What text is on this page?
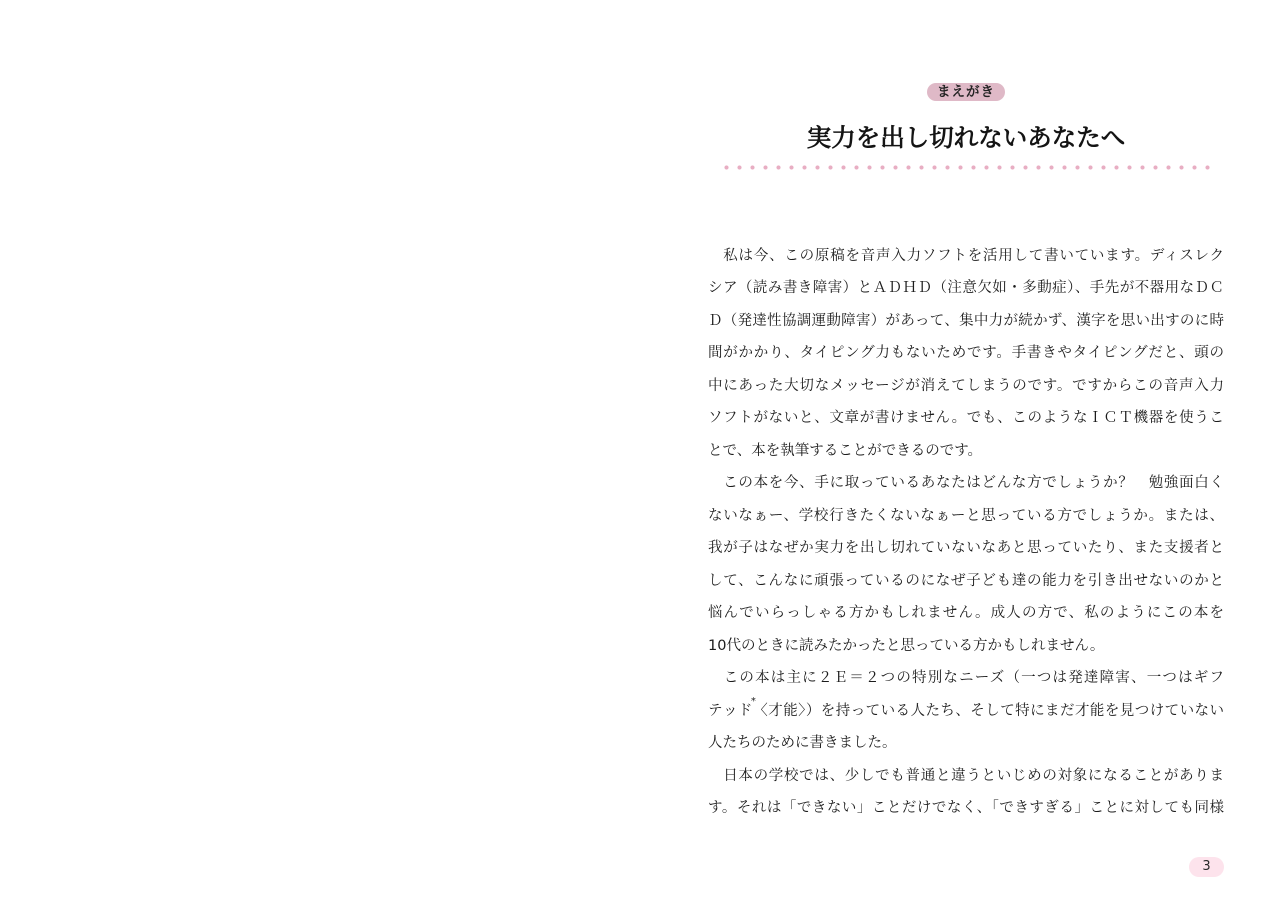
まえがき
実力を出し切れないあなたへ
　私は今、この原稿を音声入力ソフトを活用して書いています。ディスレク
シア（読み書き障害）とＡＤＨＤ（注意欠如・多動症）、手先が不器用なＤＣ
Ｄ（発達性協調運動障害）があって、集中力が続かず、漢字を思い出すのに時
間がかかり、タイピング力もないためです。手書きやタイピングだと、頭の
中にあった大切なメッセージが消えてしまうのです。ですからこの音声入力
ソフトがないと、文章が書けません。でも、このようなＩＣＴ機器を使うこ
とで、本を執筆することができるのです。
　この本を今、手に取っているあなたはどんな方でしょうか？　勉強面白く
ないなぁー、学校行きたくないなぁーと思っている方でしょうか。または、
我が子はなぜか実力を出し切れていないなあと思っていたり、また支援者と
して、こんなに頑張っているのになぜ子ども達の能力を引き出せないのかと
悩んでいらっしゃる方かもしれません。成人の方で、私のようにこの本を
10代のときに読みたかったと思っている方かもしれません。
　この本は主に２Ｅ＝２つの特別なニーズ（一つは発達障害、一つはギフ
テッド*〈才能〉）を持っている人たち、そして特にまだ才能を見つけていない
人たちのために書きました。
　日本の学校では、少しでも普通と違うといじめの対象になることがありま
す。それは「できない」ことだけでなく、「できすぎる」ことに対しても同様
3
